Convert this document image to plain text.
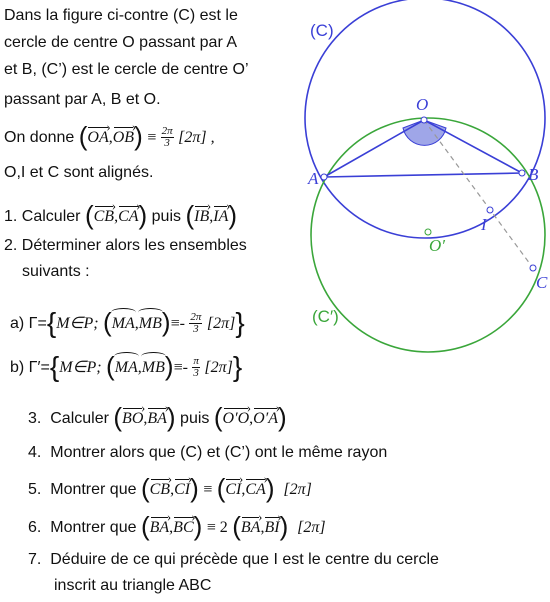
Dans la figure ci-contre (C) est le
cercle de centre O passant par A
et B, (C’) est le cercle de centre O’
passant par A, B et O.
On donne (OA ›,OB ›) ≡ $\frac{2\pi}{3} [2\pi]$ ,
O,I et C sont alignés.
1. Calculer (CB ›,CA ›) puis (IB ›,IA ›)
2. Déterminer alors les ensembles
suivants :
a) Γ={M∈P; $(MA,MB)\equiv- \frac{2\pi}{3} [2\pi]$}
b) Γ′={M∈P; $(MA,MB)\equiv- \frac{\pi}{3} [2\pi]$}
3. Calculer (BO ›,BA ›) puis (O′O ›,O′A ›)
4. Montrer alors que (C) et (C’) ont le même rayon
5. Montrer que (CB ›,CI ›) ≡ (CI ›,CA ›) [2π]
6. Montrer que (BA ›,BC ›) ≡ 2 (BA ›,BI ›) [2π]
7. Déduire de ce qui précède que I est le centre du cercle
inscrit au triangle ABC
(C)
(C′)
O
A	B
I
O′
C
